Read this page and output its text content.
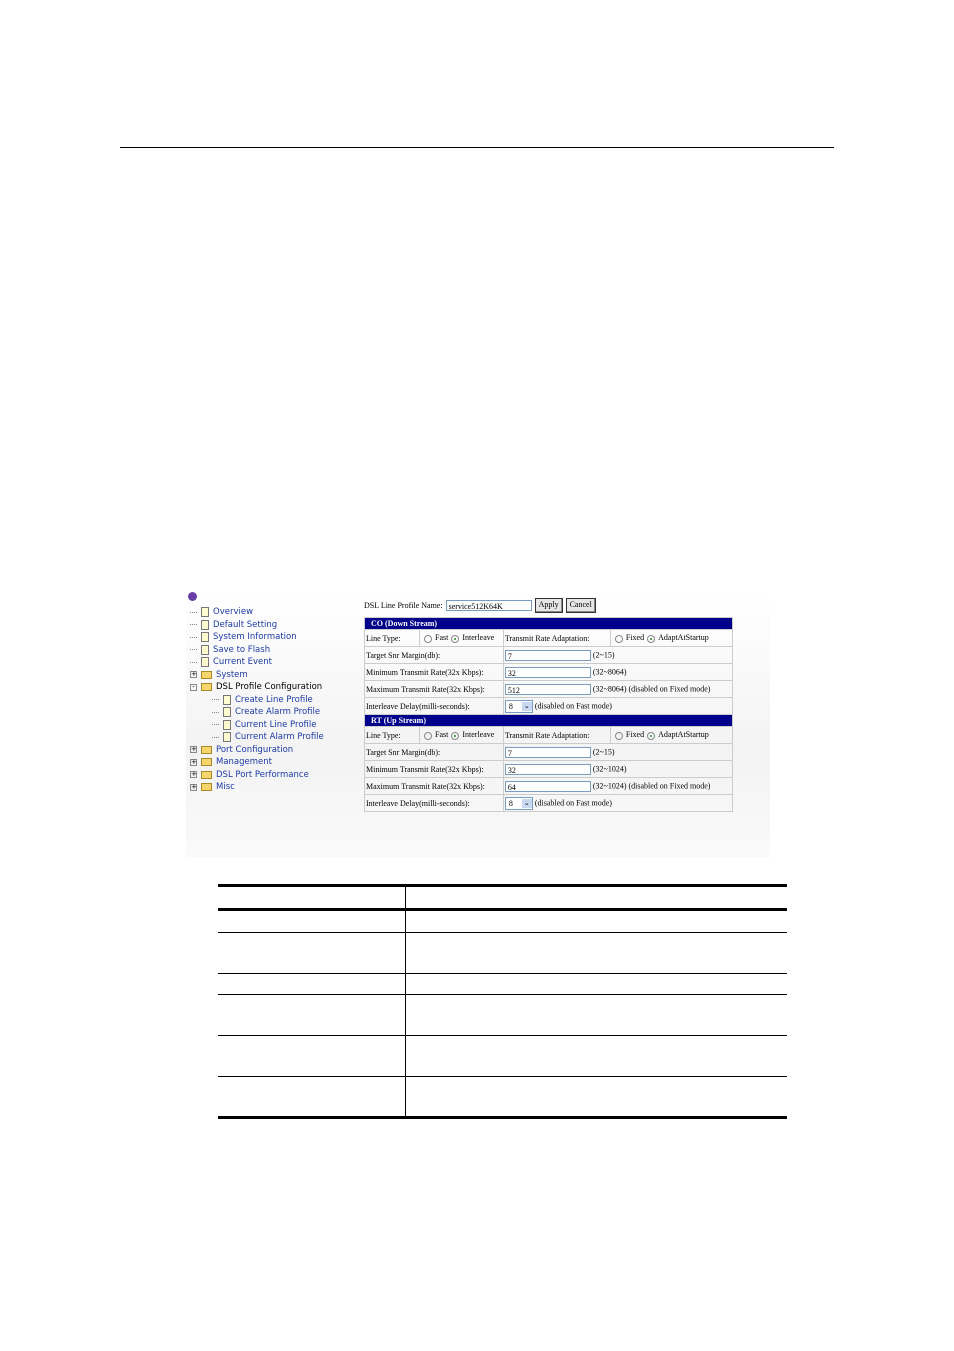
Overview
Default Setting
System Information
Save to Flash
Current Event
+ System
- DSL Profile Configuration
Create Line Profile
Create Alarm Profile
Current Line Profile
Current Alarm Profile
+ Port Configuration
+ Management
+ DSL Port Performance
+ Misc
DSL Line Profile Name: service512K64K	Apply	Cancel
CO (Down Stream)			
Line Type:	Fast Interleave	Transmit Rate Adaptation:	Fixed AdaptAtStartup
Target Snr Margin(db):		7 (2~15)	
Minimum Transmit Rate(32x Kbps):		32 (32~8064)	
Maximum Transmit Rate(32x Kbps):		512 (32~8064) (disabled on Fixed mode)	
Interleave Delay(milli-seconds):		8 ⌄ (disabled on Fast mode)	
RT (Up Stream)			
Line Type:	Fast Interleave	Transmit Rate Adaptation:	Fixed AdaptAtStartup
Target Snr Margin(db):		7 (2~15)	
Minimum Transmit Rate(32x Kbps):		32 (32~1024)	
Maximum Transmit Rate(32x Kbps):		64 (32~1024) (disabled on Fixed mode)	
Interleave Delay(milli-seconds):		8 ⌄ (disabled on Fast mode)	
